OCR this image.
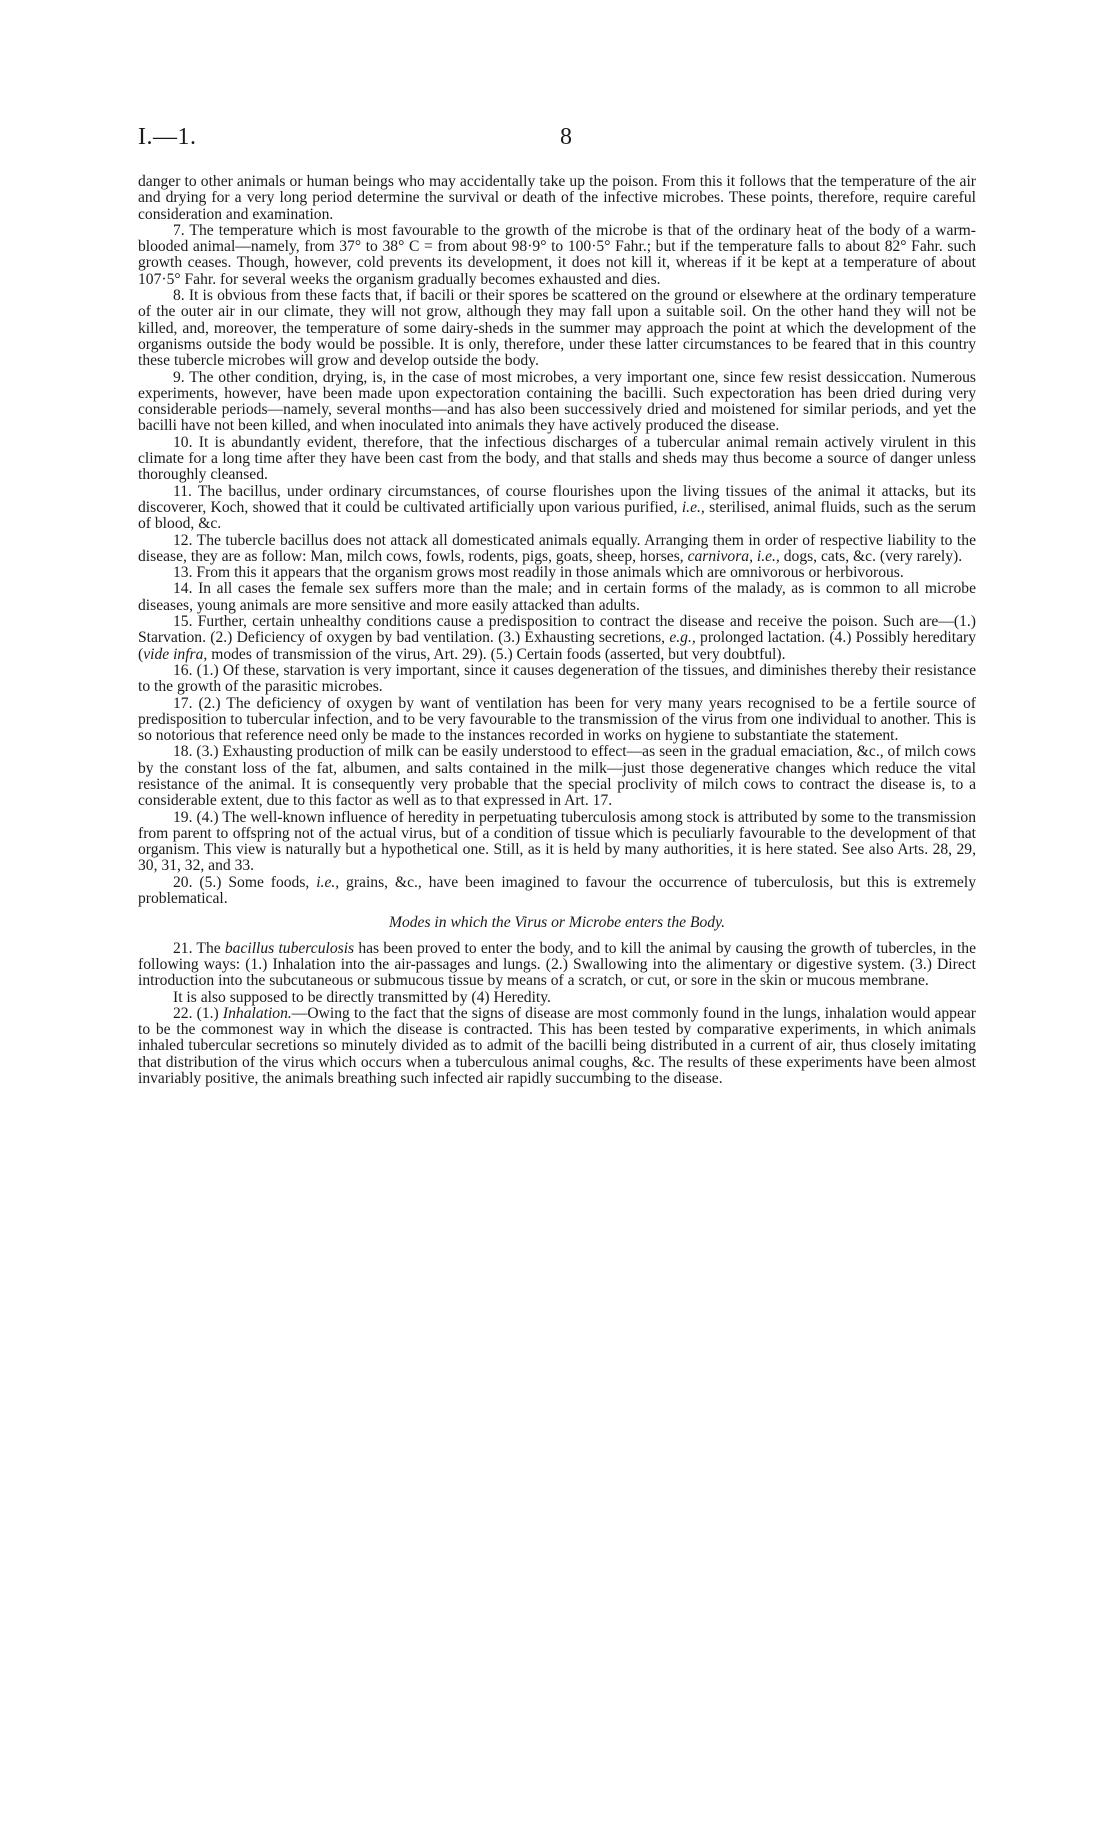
I.—1.	8

danger to other animals or human beings who may accidentally take up the poison. From this it follows that the temperature of the air and drying for a very long period determine the survival or death of the infective microbes. These points, therefore, require careful consideration and examination.

7. The temperature which is most favourable to the growth of the microbe is that of the ordinary heat of the body of a warm-blooded animal—namely, from 37° to 38° C = from about 98·9° to 100·5° Fahr.; but if the temperature falls to about 82° Fahr. such growth ceases. Though, however, cold prevents its development, it does not kill it, whereas if it be kept at a temperature of about 107·5° Fahr. for several weeks the organism gradually becomes exhausted and dies.

8. It is obvious from these facts that, if bacili or their spores be scattered on the ground or elsewhere at the ordinary temperature of the outer air in our climate, they will not grow, although they may fall upon a suitable soil. On the other hand they will not be killed, and, moreover, the temperature of some dairy-sheds in the summer may approach the point at which the development of the organisms outside the body would be possible. It is only, therefore, under these latter circumstances to be feared that in this country these tubercle microbes will grow and develop outside the body.

9. The other condition, drying, is, in the case of most microbes, a very important one, since few resist dessiccation. Numerous experiments, however, have been made upon expectoration containing the bacilli. Such expectoration has been dried during very considerable periods—namely, several months—and has also been successively dried and moistened for similar periods, and yet the bacilli have not been killed, and when inoculated into animals they have actively produced the disease.

10. It is abundantly evident, therefore, that the infectious discharges of a tubercular animal remain actively virulent in this climate for a long time after they have been cast from the body, and that stalls and sheds may thus become a source of danger unless thoroughly cleansed.

11. The bacillus, under ordinary circumstances, of course flourishes upon the living tissues of the animal it attacks, but its discoverer, Koch, showed that it could be cultivated artificially upon various purified, i.e., sterilised, animal fluids, such as the serum of blood, &c.

12. The tubercle bacillus does not attack all domesticated animals equally. Arranging them in order of respective liability to the disease, they are as follow: Man, milch cows, fowls, rodents, pigs, goats, sheep, horses, carnivora, i.e., dogs, cats, &c. (very rarely).

13. From this it appears that the organism grows most readily in those animals which are omnivorous or herbivorous.

14. In all cases the female sex suffers more than the male; and in certain forms of the malady, as is common to all microbe diseases, young animals are more sensitive and more easily attacked than adults.

15. Further, certain unhealthy conditions cause a predisposition to contract the disease and receive the poison. Such are—(1.) Starvation. (2.) Deficiency of oxygen by bad ventilation. (3.) Exhausting secretions, e.g., prolonged lactation. (4.) Possibly hereditary (vide infra, modes of transmission of the virus, Art. 29). (5.) Certain foods (asserted, but very doubtful).

16. (1.) Of these, starvation is very important, since it causes degeneration of the tissues, and diminishes thereby their resistance to the growth of the parasitic microbes.

17. (2.) The deficiency of oxygen by want of ventilation has been for very many years recognised to be a fertile source of predisposition to tubercular infection, and to be very favourable to the transmission of the virus from one individual to another. This is so notorious that reference need only be made to the instances recorded in works on hygiene to substantiate the statement.

18. (3.) Exhausting production of milk can be easily understood to effect—as seen in the gradual emaciation, &c., of milch cows by the constant loss of the fat, albumen, and salts contained in the milk—just those degenerative changes which reduce the vital resistance of the animal. It is consequently very probable that the special proclivity of milch cows to contract the disease is, to a considerable extent, due to this factor as well as to that expressed in Art. 17.

19. (4.) The well-known influence of heredity in perpetuating tuberculosis among stock is attributed by some to the transmission from parent to offspring not of the actual virus, but of a condition of tissue which is peculiarly favourable to the development of that organism. This view is naturally but a hypothetical one. Still, as it is held by many authorities, it is here stated. See also Arts. 28, 29, 30, 31, 32, and 33.

20. (5.) Some foods, i.e., grains, &c., have been imagined to favour the occurrence of tuberculosis, but this is extremely problematical.

Modes in which the Virus or Microbe enters the Body.

21. The bacillus tuberculosis has been proved to enter the body, and to kill the animal by causing the growth of tubercles, in the following ways: (1.) Inhalation into the air-passages and lungs. (2.) Swallowing into the alimentary or digestive system. (3.) Direct introduction into the subcutaneous or submucous tissue by means of a scratch, or cut, or sore in the skin or mucous membrane.

It is also supposed to be directly transmitted by (4) Heredity.

22. (1.) Inhalation.—Owing to the fact that the signs of disease are most commonly found in the lungs, inhalation would appear to be the commonest way in which the disease is contracted. This has been tested by comparative experiments, in which animals inhaled tubercular secretions so minutely divided as to admit of the bacilli being distributed in a current of air, thus closely imitating that distribution of the virus which occurs when a tuberculous animal coughs, &c. The results of these experiments have been almost invariably positive, the animals breathing such infected air rapidly succumbing to the disease.
